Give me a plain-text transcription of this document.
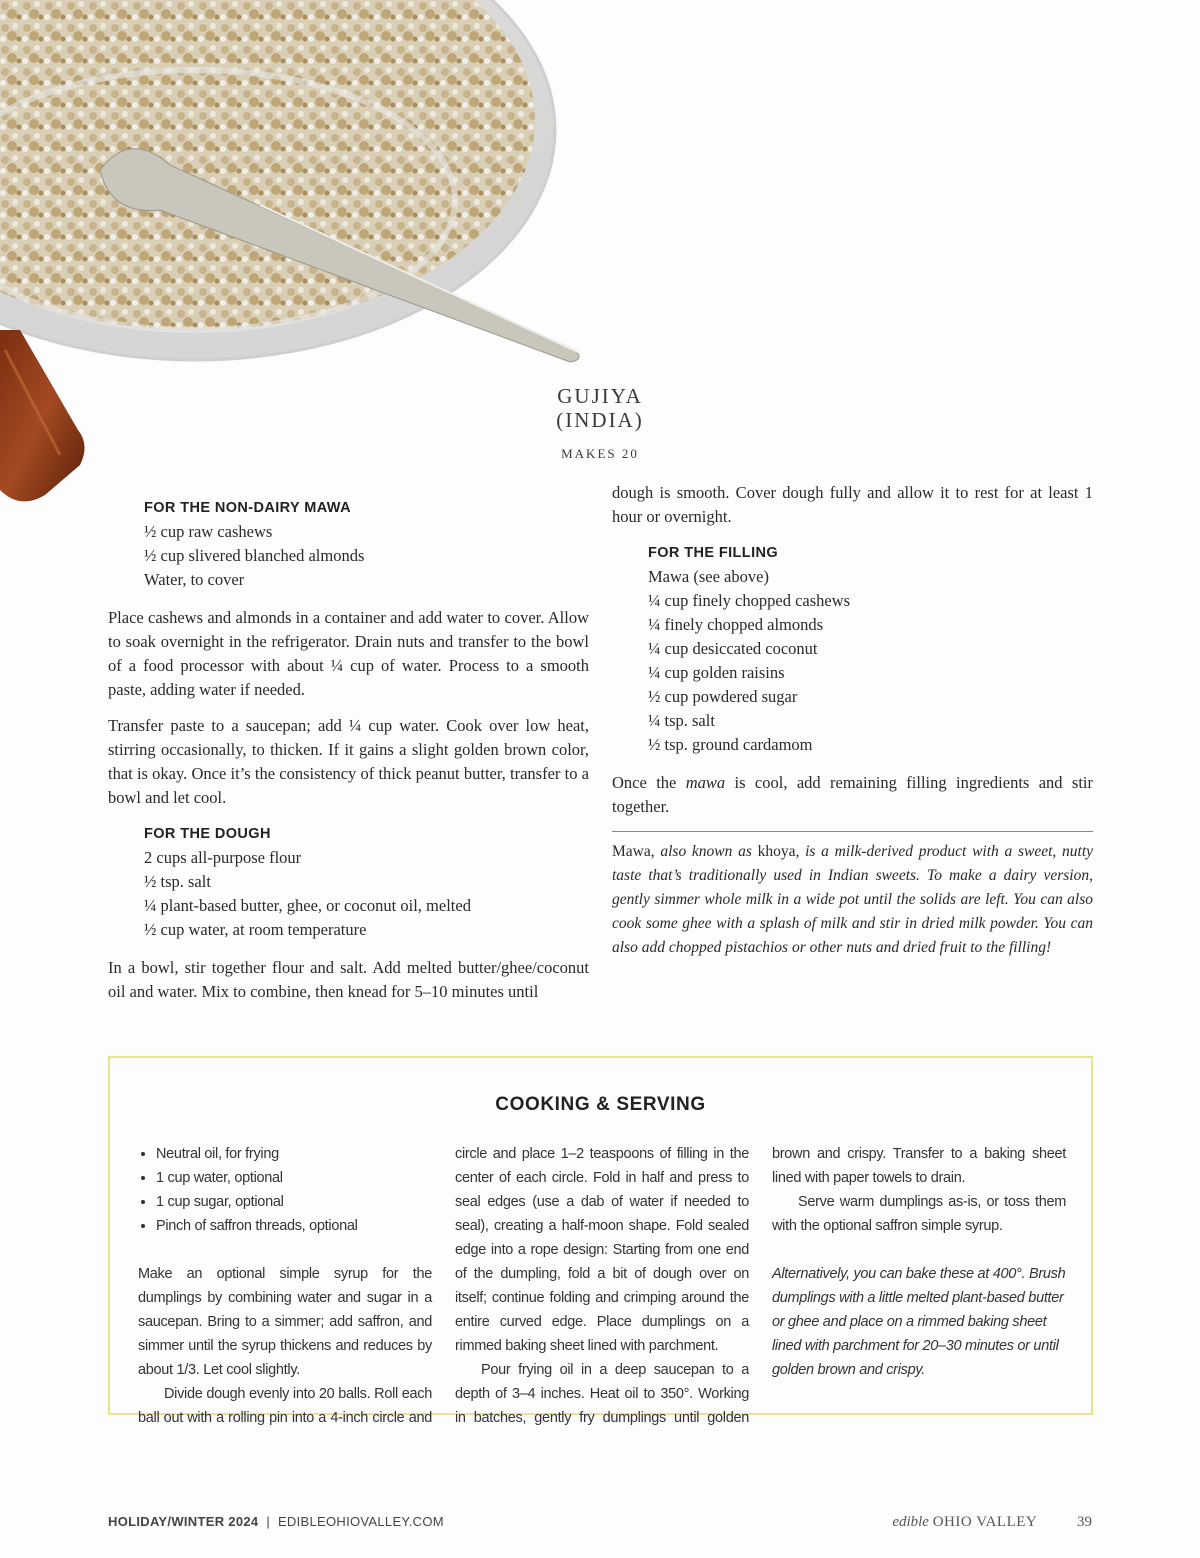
GUJIYA
(INDIA)
MAKES 20
FOR THE NON-DAIRY MAWA
½ cup raw cashews
½ cup slivered blanched almonds
Water, to cover

Place cashews and almonds in a container and add water to cover. Allow to soak overnight in the refrigerator. Drain nuts and transfer to the bowl of a food processor with about ¼ cup of water. Process to a smooth paste, adding water if needed.

Transfer paste to a saucepan; add ¼ cup water. Cook over low heat, stirring occasionally, to thicken. If it gains a slight golden brown color, that is okay. Once it’s the consistency of thick peanut butter, transfer to a bowl and let cool.

FOR THE DOUGH
2 cups all-purpose flour
½ tsp. salt
¼ plant-based butter, ghee, or coconut oil, melted
½ cup water, at room temperature

In a bowl, stir together flour and salt. Add melted butter/ghee/coconut oil and water. Mix to combine, then knead for 5–10 minutes until

dough is smooth. Cover dough fully and allow it to rest for at least 1 hour or overnight.

FOR THE FILLING
Mawa (see above)
¼ cup finely chopped cashews
¼ finely chopped almonds
¼ cup desiccated coconut
¼ cup golden raisins
½ cup powdered sugar
¼ tsp. salt
½ tsp. ground cardamom

Once the mawa is cool, add remaining filling ingredients and stir together.

Mawa, also known as khoya, is a milk-derived product with a sweet, nutty taste that’s traditionally used in Indian sweets. To make a dairy version, gently simmer whole milk in a wide pot until the solids are left. You can also cook some ghee with a splash of milk and stir in dried milk powder. You can also add chopped pistachios or other nuts and dried fruit to the filling!
COOKING & SERVING
• Neutral oil, for frying
• 1 cup water, optional
• 1 cup sugar, optional
• Pinch of saffron threads, optional

Make an optional simple syrup for the dumplings by combining water and sugar in a saucepan. Bring to a simmer; add saffron, and simmer until the syrup thickens and reduces by about 1/3. Let cool slightly.

Divide dough evenly into 20 balls. Roll each ball out with a rolling pin into a 4-inch circle and

circle and place 1–2 teaspoons of filling in the center of each circle. Fold in half and press to seal edges (use a dab of water if needed to seal), creating a half-moon shape. Fold sealed edge into a rope design: Starting from one end of the dumpling, fold a bit of dough over on itself; continue folding and crimping around the entire curved edge. Place dumplings on a rimmed baking sheet lined with parchment.

Pour frying oil in a deep saucepan to a depth of 3–4 inches. Heat oil to 350°. Working in batches, gently fry dumplings until golden

brown and crispy. Transfer to a baking sheet lined with paper towels to drain.

Serve warm dumplings as-is, or toss them with the optional saffron simple syrup.

Alternatively, you can bake these at 400°. Brush dumplings with a little melted plant-based butter or ghee and place on a rimmed baking sheet lined with parchment for 20–30 minutes or until golden brown and crispy.

HOLIDAY/WINTER 2024 | EDIBLEOHIOVALLEY.COM	edible OHIO VALLEY	39
